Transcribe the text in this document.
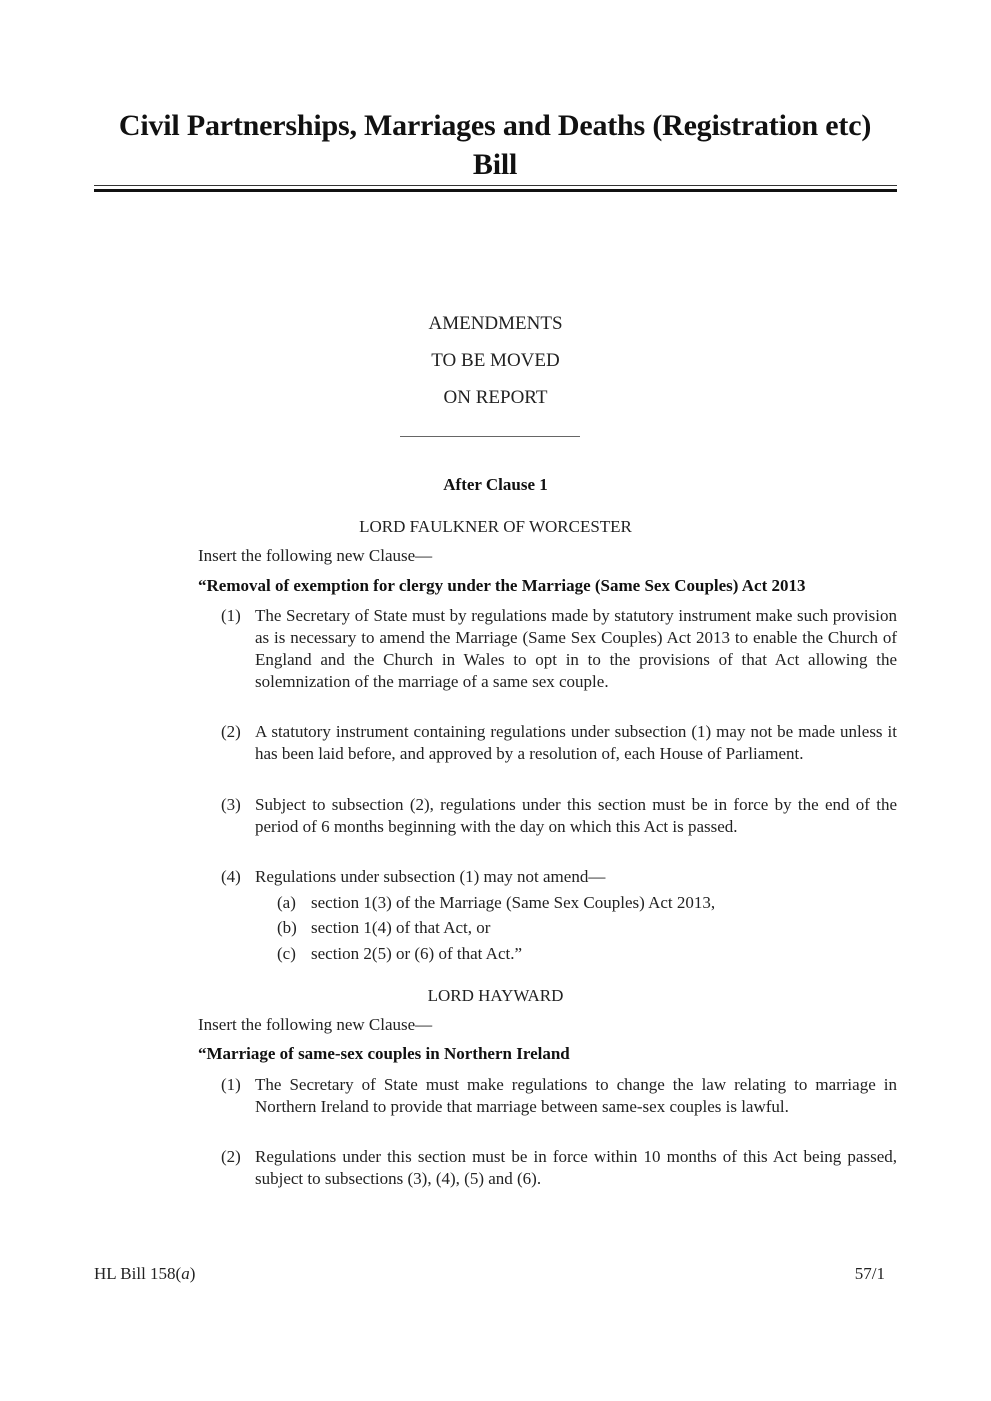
Civil Partnerships, Marriages and Deaths (Registration etc) Bill
AMENDMENTS
TO BE MOVED
ON REPORT
After Clause 1
LORD FAULKNER OF WORCESTER
Insert the following new Clause—
“Removal of exemption for clergy under the Marriage (Same Sex Couples) Act 2013
(1) The Secretary of State must by regulations made by statutory instrument make such provision as is necessary to amend the Marriage (Same Sex Couples) Act 2013 to enable the Church of England and the Church in Wales to opt in to the provisions of that Act allowing the solemnization of the marriage of a same sex couple.
(2) A statutory instrument containing regulations under subsection (1) may not be made unless it has been laid before, and approved by a resolution of, each House of Parliament.
(3) Subject to subsection (2), regulations under this section must be in force by the end of the period of 6 months beginning with the day on which this Act is passed.
(4) Regulations under subsection (1) may not amend—
(a) section 1(3) of the Marriage (Same Sex Couples) Act 2013,
(b) section 1(4) of that Act, or
(c) section 2(5) or (6) of that Act.”
LORD HAYWARD
Insert the following new Clause—
“Marriage of same-sex couples in Northern Ireland
(1) The Secretary of State must make regulations to change the law relating to marriage in Northern Ireland to provide that marriage between same-sex couples is lawful.
(2) Regulations under this section must be in force within 10 months of this Act being passed, subject to subsections (3), (4), (5) and (6).
HL Bill 158(a)	57/1
